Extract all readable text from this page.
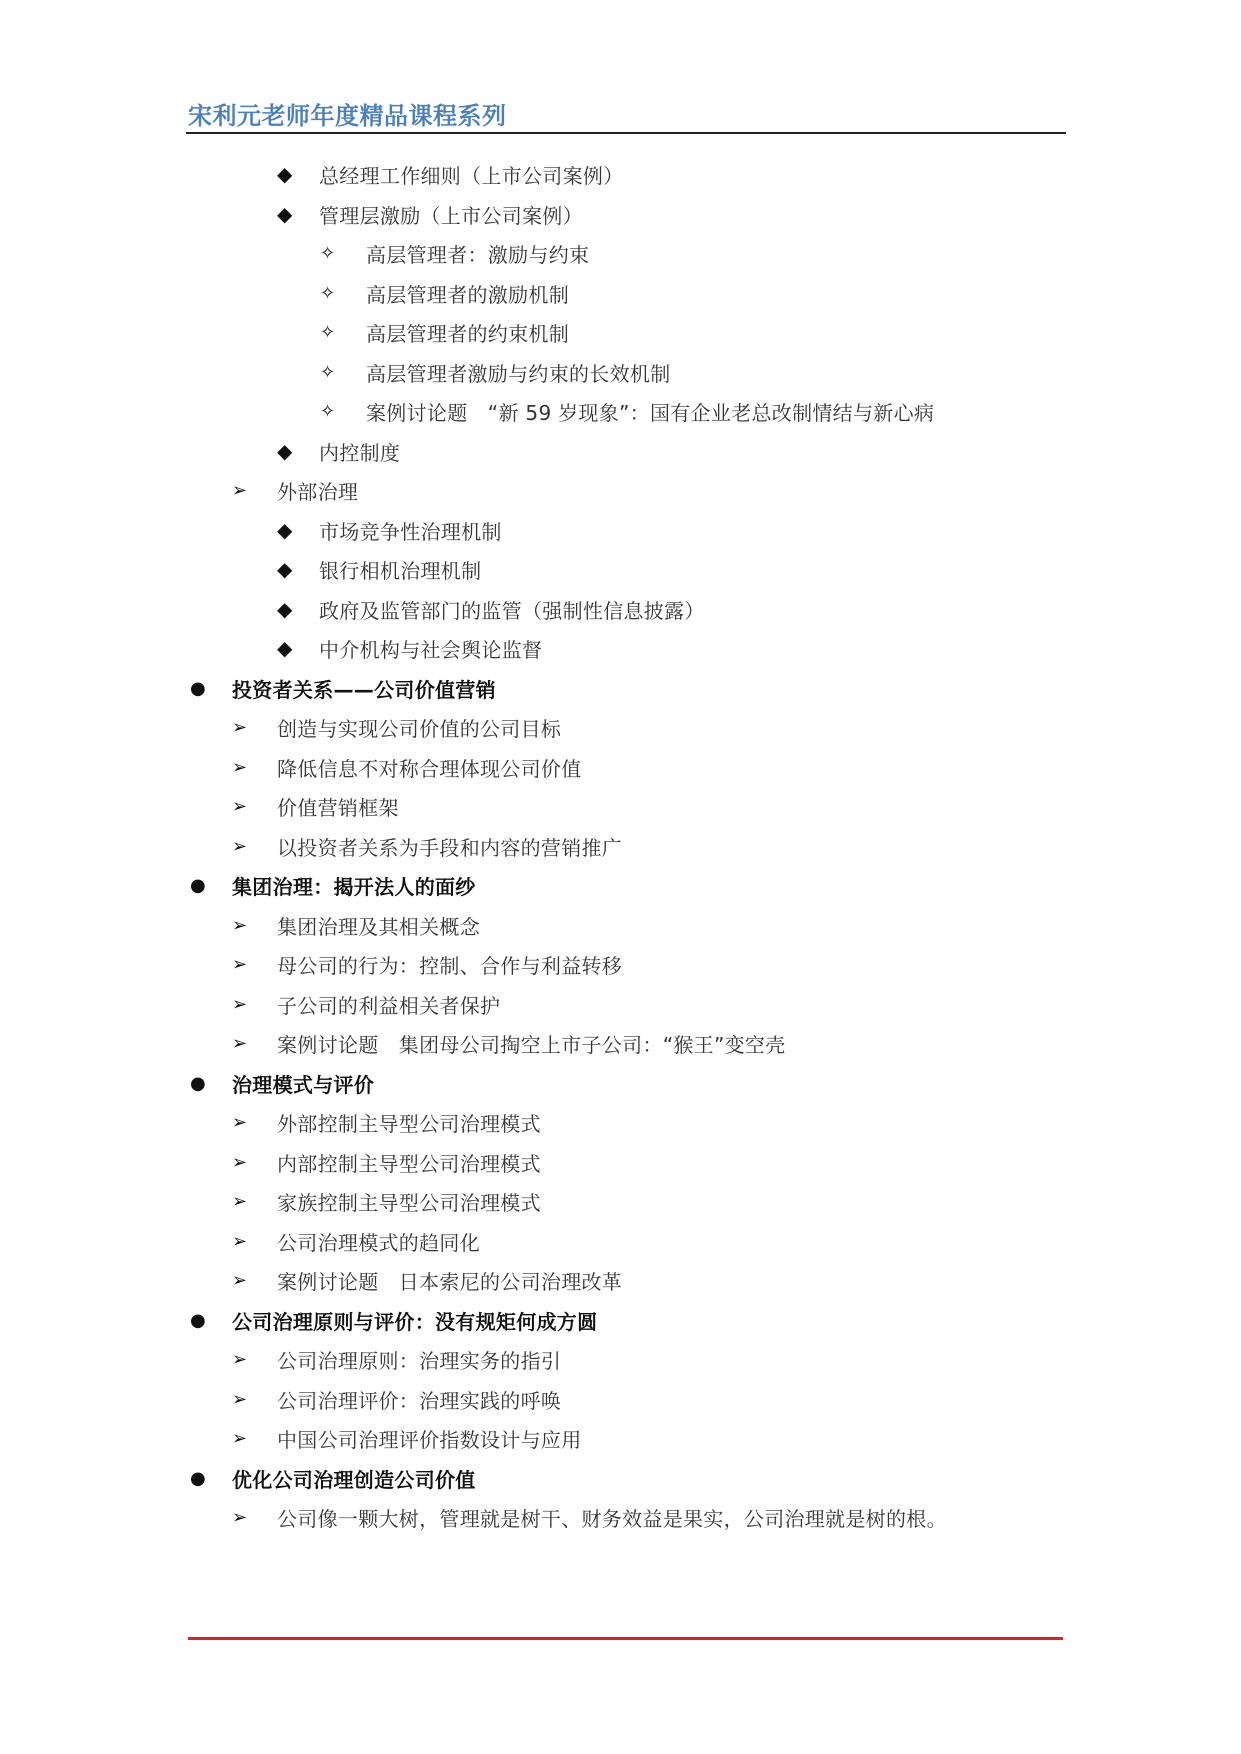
宋利元老师年度精品课程系列
◆	总经理工作细则（上市公司案例）
◆	管理层激励（上市公司案例）
✧	高层管理者：激励与约束
✧	高层管理者的激励机制
✧	高层管理者的约束机制
✧	高层管理者激励与约束的长效机制
✧	案例讨论题　“新 59 岁现象”：国有企业老总改制情结与新心病
◆	内控制度
➢	外部治理
◆	市场竞争性治理机制
◆	银行相机治理机制
◆	政府及监管部门的监管（强制性信息披露）
◆	中介机构与社会舆论监督
●	投资者关系——公司价值营销
➢	创造与实现公司价值的公司目标
➢	降低信息不对称合理体现公司价值
➢	价值营销框架
➢	以投资者关系为手段和内容的营销推广
●	集团治理：揭开法人的面纱
➢	集团治理及其相关概念
➢	母公司的行为：控制、合作与利益转移
➢	子公司的利益相关者保护
➢	案例讨论题　集团母公司掏空上市子公司：“猴王”变空壳
●	治理模式与评价
➢	外部控制主导型公司治理模式
➢	内部控制主导型公司治理模式
➢	家族控制主导型公司治理模式
➢	公司治理模式的趋同化
➢	案例讨论题　日本索尼的公司治理改革
●	公司治理原则与评价：没有规矩何成方圆
➢	公司治理原则：治理实务的指引
➢	公司治理评价：治理实践的呼唤
➢	中国公司治理评价指数设计与应用
●	优化公司治理创造公司价值
➢	公司像一颗大树，管理就是树干、财务效益是果实，公司治理就是树的根。
